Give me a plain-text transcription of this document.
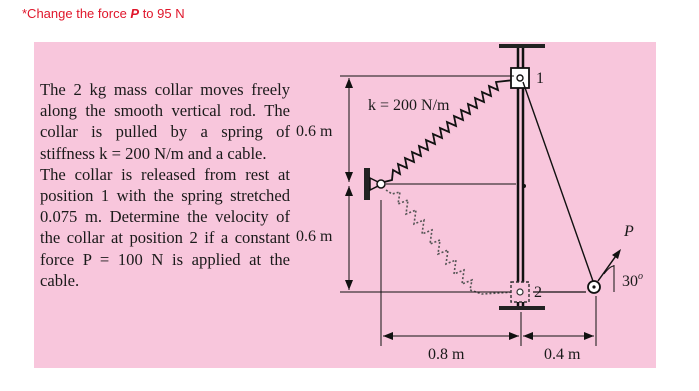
*Change the force P to 95 N

The 2 kg mass collar moves freely along the smooth vertical rod. The collar is pulled by a spring of stiffness k = 200 N/m and a cable.

The collar is released from rest at position 1 with the spring stretched 0.075 m. Determine the velocity of the collar at position 2 if a constant force P = 100 N is applied at the cable.

k = 200 N/m
0.6 m
0.6 m
0.8 m	0.4 m
1
2
P
30$^o$
